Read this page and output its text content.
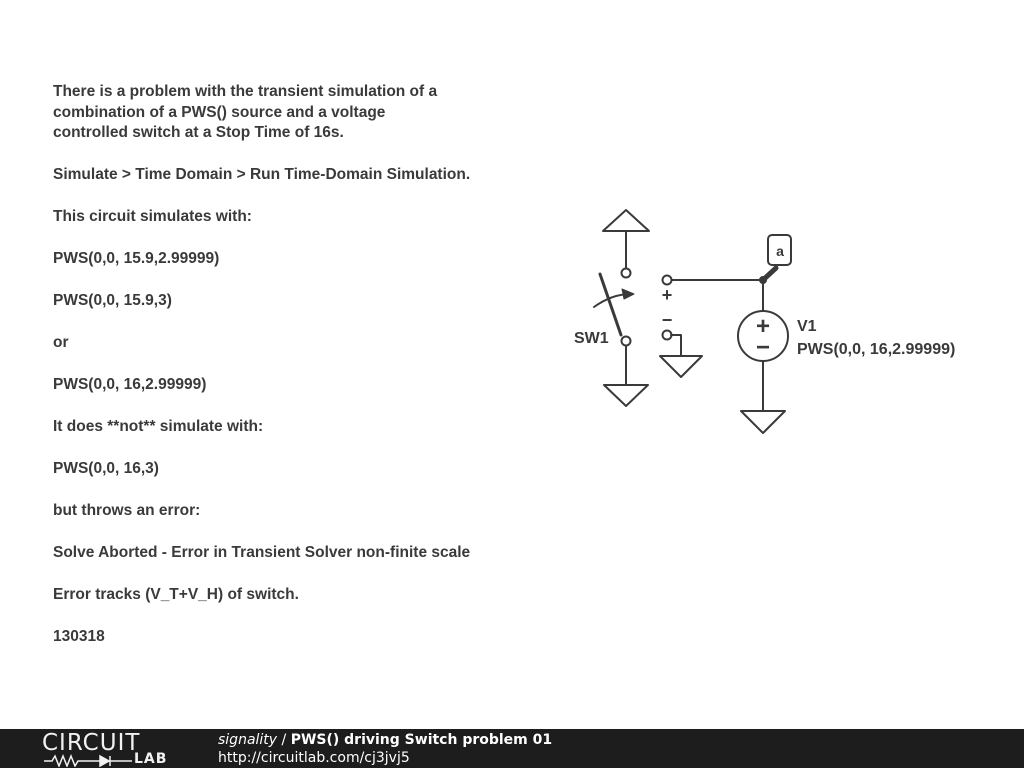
There is a problem with the transient simulation of a
combination of a PWS() source and a voltage
controlled switch at a Stop Time of 16s.
Simulate > Time Domain > Run Time-Domain Simulation.
This circuit simulates with:
PWS(0,0, 15.9,2.99999)
PWS(0,0, 15.9,3)
or
PWS(0,0, 16,2.99999)
It does **not** simulate with:
PWS(0,0, 16,3)
but throws an error:
Solve Aborted - Error in Transient Solver non-finite scale
Error tracks (V_T+V_H) of switch.
130318
SW1
+
−
a
+
−
V1
PWS(0,0, 16,2.99999)
CIRCUIT
LAB
signality / PWS() driving Switch problem 01
http://circuitlab.com/cj3jvj5
